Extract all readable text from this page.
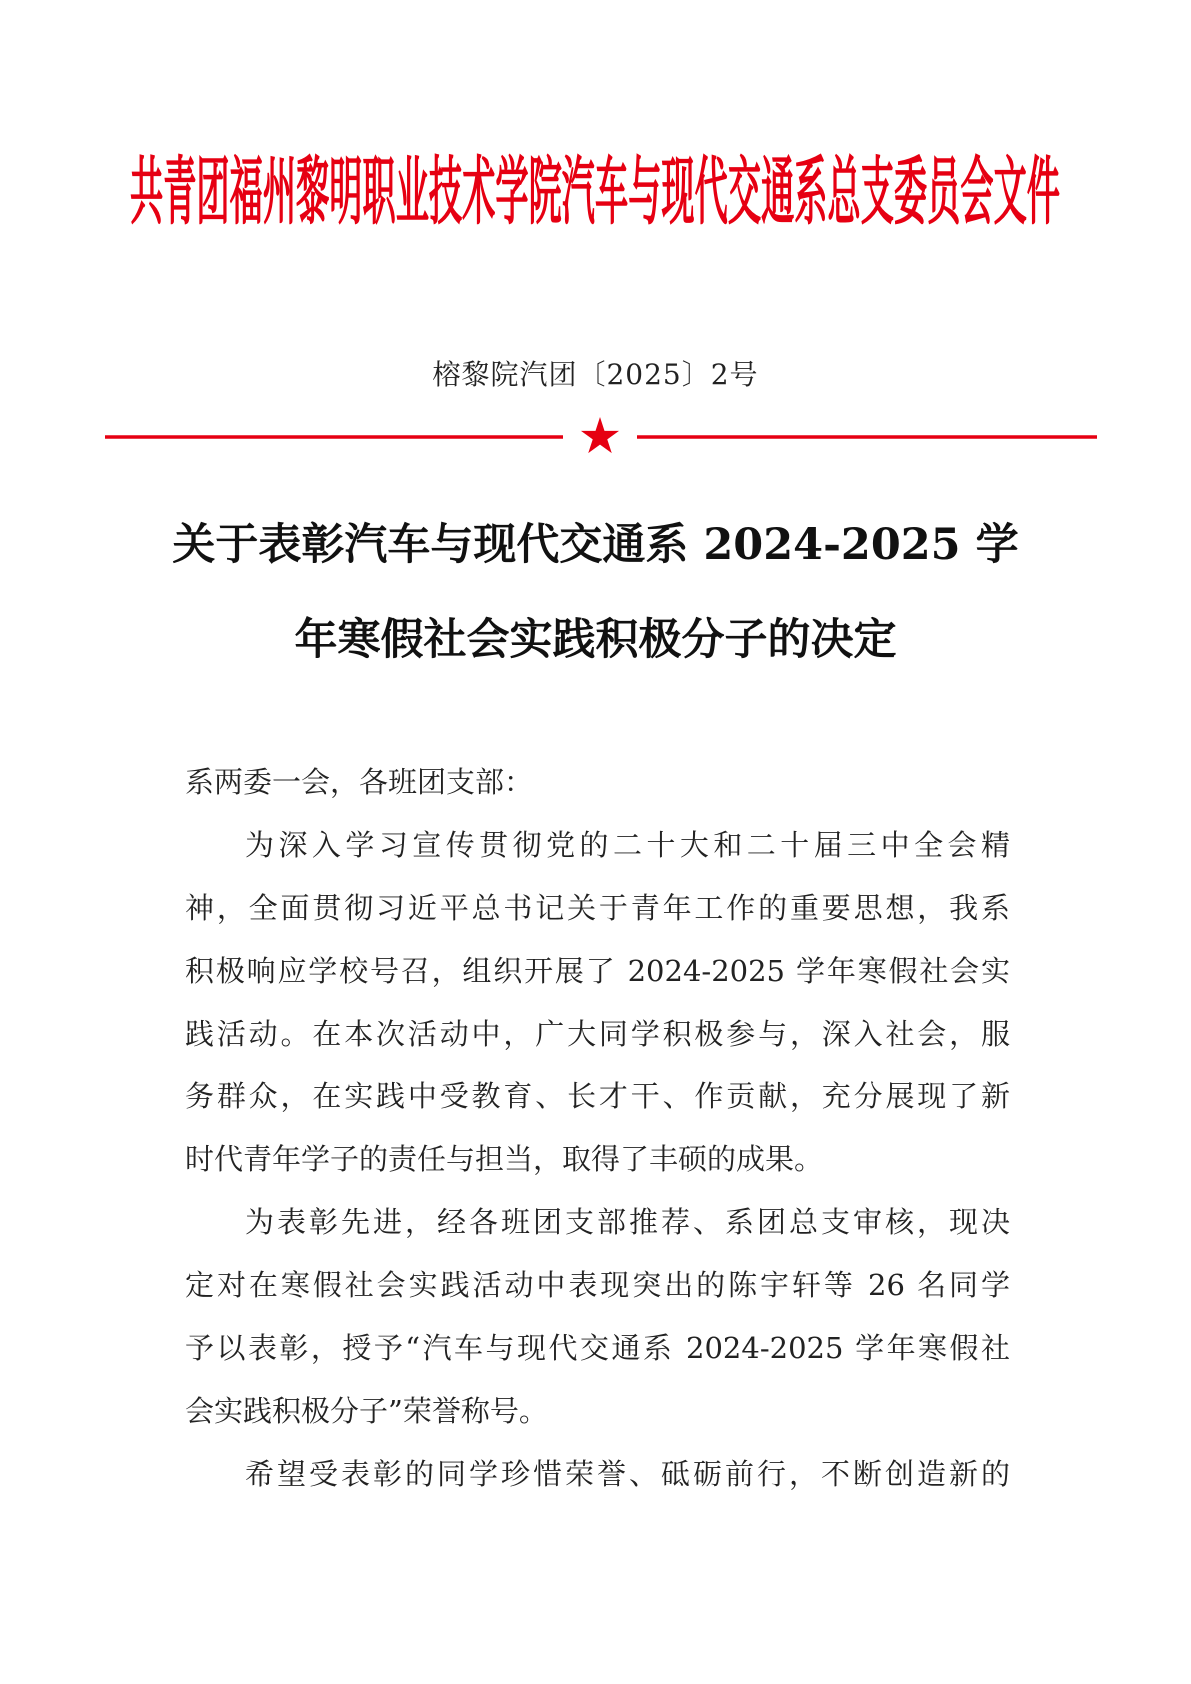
共青团福州黎明职业技术学院汽车与现代交通系总支委员会文件
榕黎院汽团〔2025〕2号
关于表彰汽车与现代交通系 2024-2025 学
年寒假社会实践积极分子的决定
系两委一会，各班团支部：
为深入学习宣传贯彻党的二十大和二十届三中全会精
神，全面贯彻习近平总书记关于青年工作的重要思想，我系
积极响应学校号召，组织开展了 2024-2025 学年寒假社会实
践活动。在本次活动中，广大同学积极参与，深入社会，服
务群众，在实践中受教育、长才干、作贡献，充分展现了新
时代青年学子的责任与担当，取得了丰硕的成果。
为表彰先进，经各班团支部推荐、系团总支审核，现决
定对在寒假社会实践活动中表现突出的陈宇轩等 26 名同学
予以表彰，授予“汽车与现代交通系 2024-2025 学年寒假社
会实践积极分子”荣誉称号。
希望受表彰的同学珍惜荣誉、砥砺前行，不断创造新的
